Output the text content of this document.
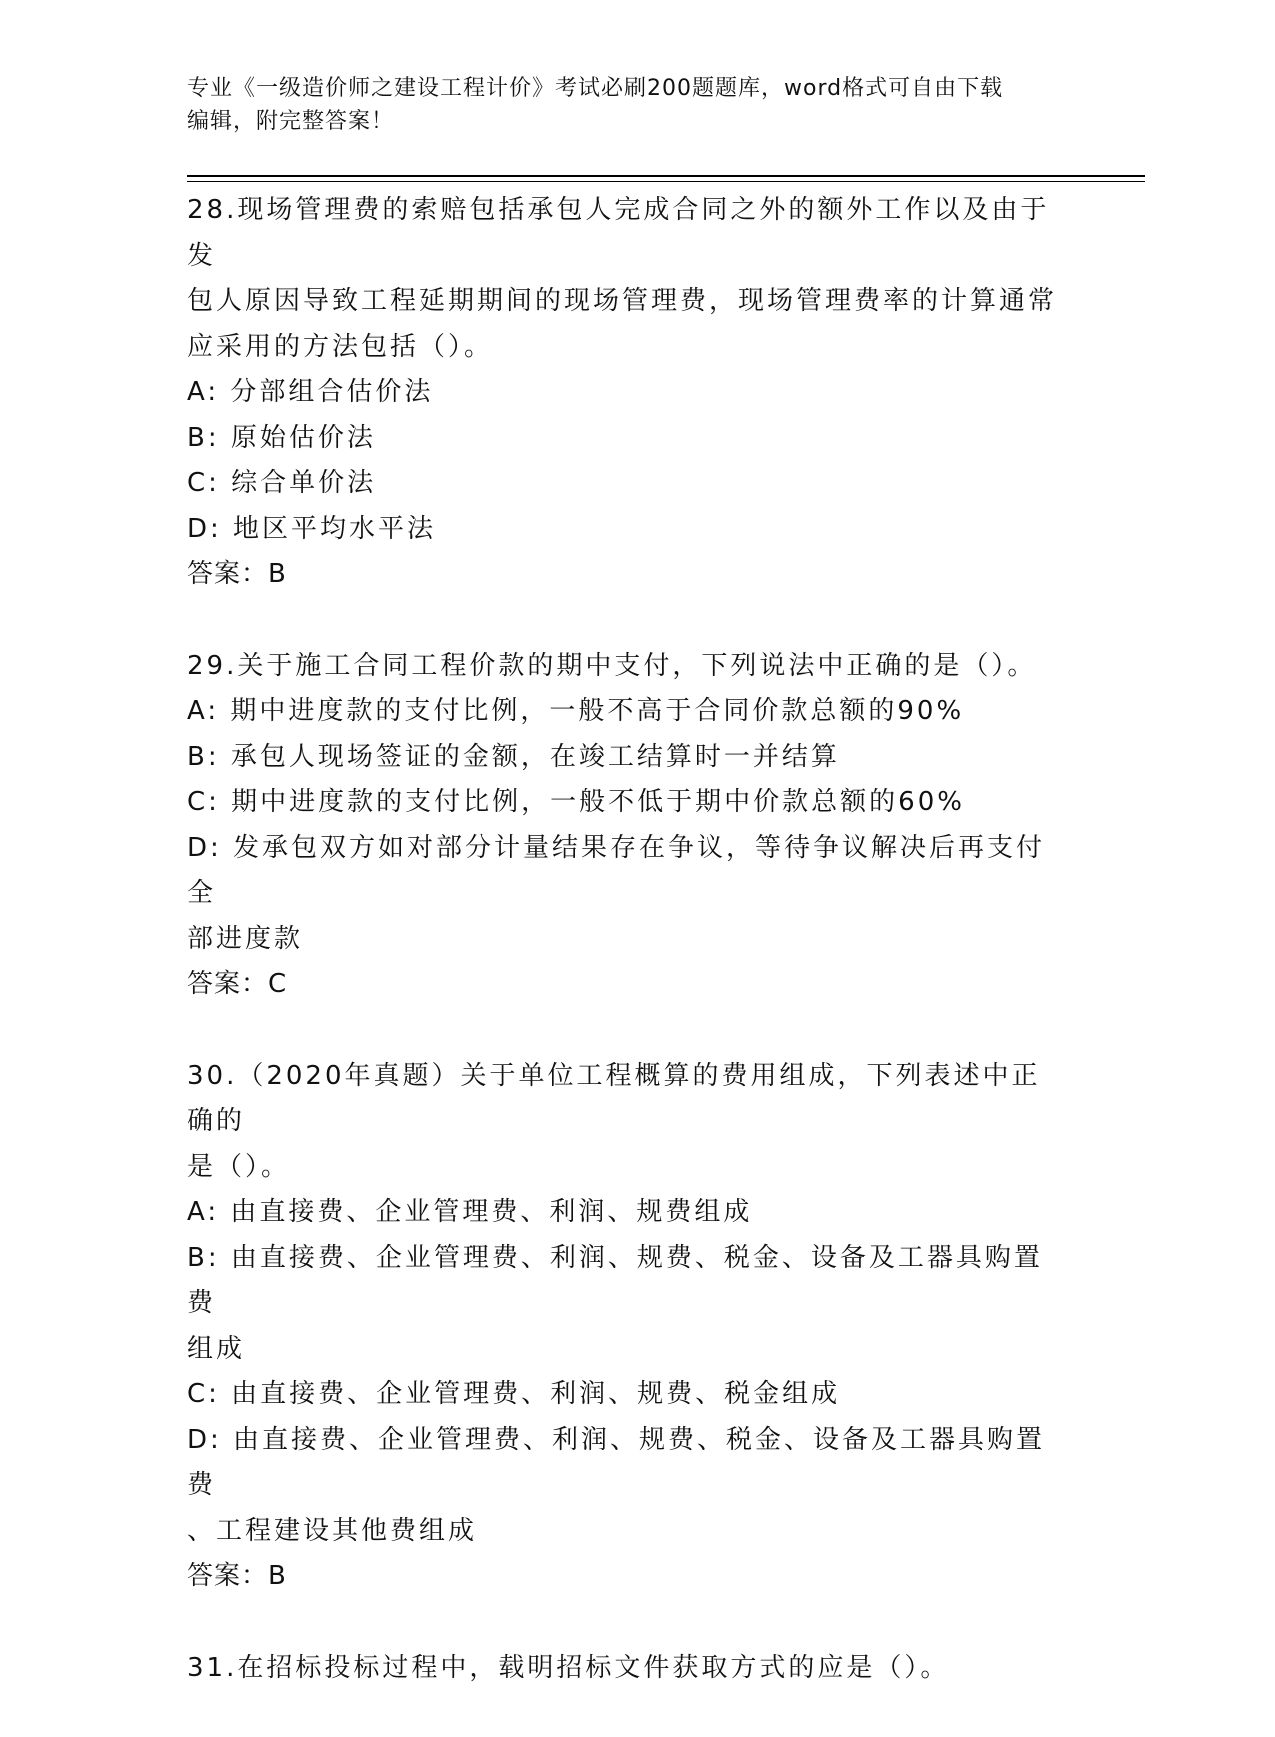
专业《一级造价师之建设工程计价》考试必刷200题题库，word格式可自由下载
编辑，附完整答案！
28.现场管理费的索赔包括承包人完成合同之外的额外工作以及由于发
包人原因导致工程延期期间的现场管理费，现场管理费率的计算通常
应采用的方法包括（）。
A: 分部组合估价法
B: 原始估价法
C: 综合单价法
D: 地区平均水平法
答案：B
29.关于施工合同工程价款的期中支付，下列说法中正确的是（）。
A: 期中进度款的支付比例，一般不高于合同价款总额的90%
B: 承包人现场签证的金额，在竣工结算时一并结算
C: 期中进度款的支付比例，一般不低于期中价款总额的60%
D: 发承包双方如对部分计量结果存在争议，等待争议解决后再支付全
部进度款
答案：C
30.（2020年真题）关于单位工程概算的费用组成，下列表述中正确的
是（）。
A: 由直接费、企业管理费、利润、规费组成
B: 由直接费、企业管理费、利润、规费、税金、设备及工器具购置费
组成
C: 由直接费、企业管理费、利润、规费、税金组成
D: 由直接费、企业管理费、利润、规费、税金、设备及工器具购置费
、工程建设其他费组成
答案：B
31.在招标投标过程中，载明招标文件获取方式的应是（）。
